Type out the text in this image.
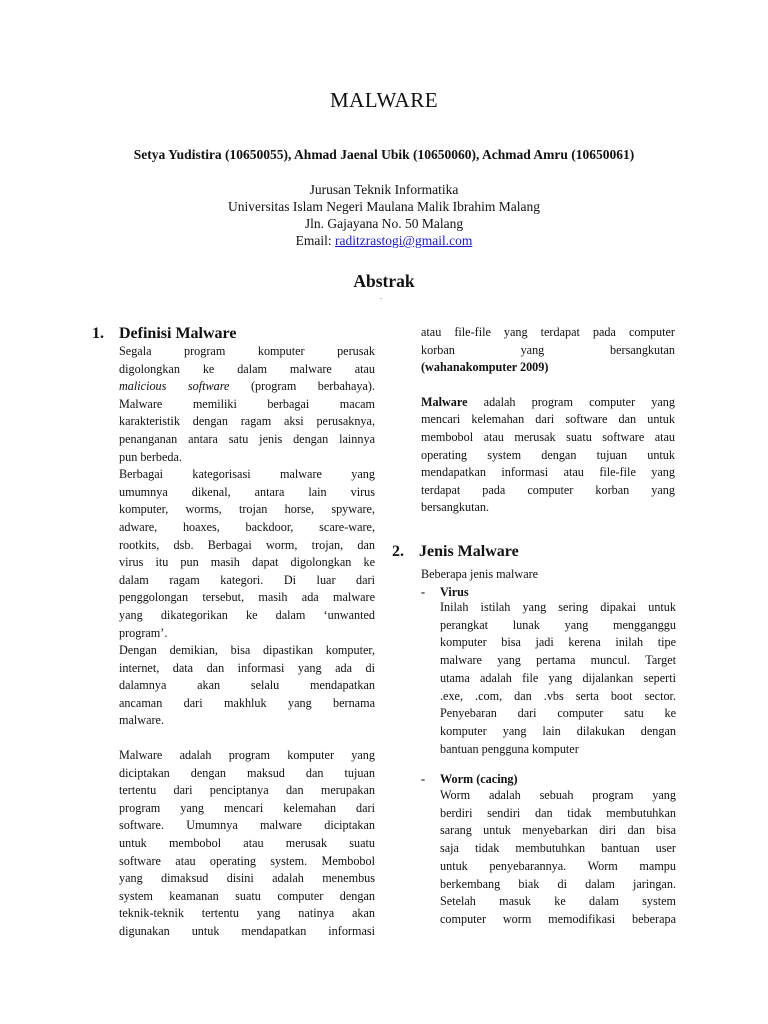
MALWARE

Setya Yudistira (10650055), Ahmad Jaenal Ubik (10650060), Achmad Amru (10650061)

Jurusan Teknik Informatika

Universitas Islam Negeri Maulana Malik Ibrahim Malang

Jln. Gajayana No. 50 Malang

Email: raditzrastogi@gmail.com

Abstrak

.

1. Definisi Malware

Segala program komputer perusak

digolongkan ke dalam malware atau

malicious software (program berbahaya).

Malware memiliki berbagai macam

karakteristik dengan ragam aksi perusaknya,

penanganan antara satu jenis dengan lainnya

pun berbeda.

Berbagai kategorisasi malware yang

umumnya dikenal, antara lain virus

komputer, worms, trojan horse, spyware,

adware, hoaxes, backdoor, scare-ware,

rootkits, dsb. Berbagai worm, trojan, dan

virus itu pun masih dapat digolongkan ke

dalam ragam kategori. Di luar dari

penggolongan tersebut, masih ada malware

yang dikategorikan ke dalam ‘unwanted

program’.

Dengan demikian, bisa dipastikan komputer,

internet, data dan informasi yang ada di

dalamnya akan selalu mendapatkan

ancaman dari makhluk yang bernama

malware.

Malware adalah program komputer yang

diciptakan dengan maksud dan tujuan

tertentu dari penciptanya dan merupakan

program yang mencari kelemahan dari

software. Umumnya malware diciptakan

untuk membobol atau merusak suatu

software atau operating system. Membobol

yang dimaksud disini adalah menembus

system keamanan suatu computer dengan

teknik-teknik tertentu yang natinya akan

digunakan untuk mendapatkan informasi

atau file-file yang terdapat pada computer

korban yang bersangkutan

(wahanakomputer 2009)

Malware adalah program computer yang

mencari kelemahan dari software dan untuk

membobol atau merusak suatu software atau

operating system dengan tujuan untuk

mendapatkan informasi atau file-file yang

terdapat pada computer korban yang

bersangkutan.

2. Jenis Malware

Beberapa jenis malware

- Virus

Inilah istilah yang sering dipakai untuk

perangkat lunak yang mengganggu

komputer bisa jadi kerena inilah tipe

malware yang pertama muncul. Target

utama adalah file yang dijalankan seperti

.exe, .com, dan .vbs serta boot sector.

Penyebaran dari computer satu ke

komputer yang lain dilakukan dengan

bantuan pengguna komputer

- Worm (cacing)

Worm adalah sebuah program yang

berdiri sendiri dan tidak membutuhkan

sarang untuk menyebarkan diri dan bisa

saja tidak membutuhkan bantuan user

untuk penyebarannya. Worm mampu

berkembang biak di dalam jaringan.

Setelah masuk ke dalam system

computer worm memodifikasi beberapa
